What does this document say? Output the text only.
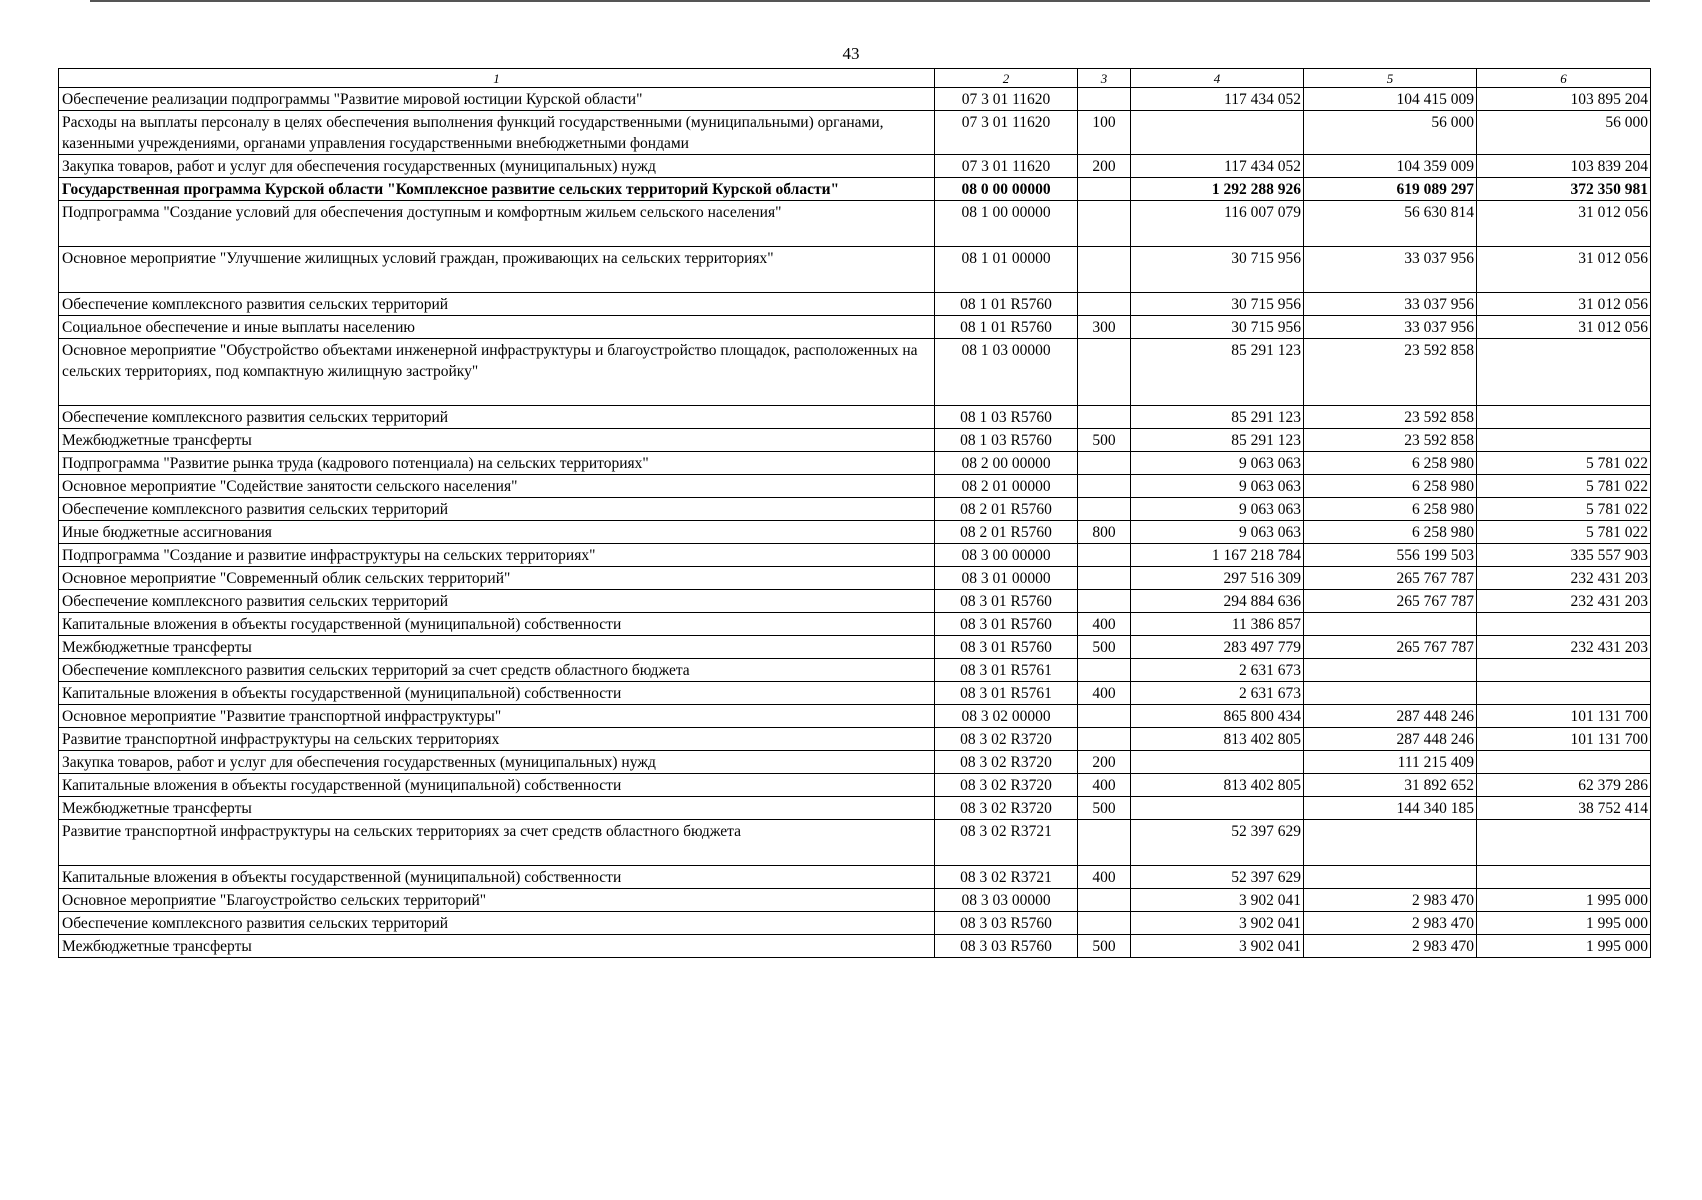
43
1	2	3	4	5	6
Обеспечение реализации подпрограммы "Развитие мировой юстиции Курской области"	07 3 01 11620		117 434 052	104 415 009	103 895 204
Расходы на выплаты персоналу в целях обеспечения выполнения функций государственными (муниципальными) органами, казенными учреждениями, органами управления государственными внебюджетными фондами	07 3 01 11620	100		56 000	56 000
Закупка товаров, работ и услуг для обеспечения государственных (муниципальных) нужд	07 3 01 11620	200	117 434 052	104 359 009	103 839 204
Государственная программа Курской области "Комплексное развитие сельских территорий Курской области"	08 0 00 00000		1 292 288 926	619 089 297	372 350 981
Подпрограмма "Создание условий для обеспечения доступным и комфортным жильем сельского населения"	08 1 00 00000		116 007 079	56 630 814	31 012 056
Основное мероприятие "Улучшение жилищных условий граждан, проживающих на сельских территориях"	08 1 01 00000		30 715 956	33 037 956	31 012 056
Обеспечение комплексного развития сельских территорий	08 1 01 R5760		30 715 956	33 037 956	31 012 056
Социальное обеспечение и иные выплаты населению	08 1 01 R5760	300	30 715 956	33 037 956	31 012 056
Основное мероприятие "Обустройство объектами инженерной инфраструктуры и благоустройство площадок, расположенных на сельских территориях, под компактную жилищную застройку"	08 1 03 00000		85 291 123	23 592 858	
Обеспечение комплексного развития сельских территорий	08 1 03 R5760		85 291 123	23 592 858	
Межбюджетные трансферты	08 1 03 R5760	500	85 291 123	23 592 858	
Подпрограмма "Развитие рынка труда (кадрового потенциала) на сельских территориях"	08 2 00 00000		9 063 063	6 258 980	5 781 022
Основное мероприятие "Содействие занятости сельского населения"	08 2 01 00000		9 063 063	6 258 980	5 781 022
Обеспечение комплексного развития сельских территорий	08 2 01 R5760		9 063 063	6 258 980	5 781 022
Иные бюджетные ассигнования	08 2 01 R5760	800	9 063 063	6 258 980	5 781 022
Подпрограмма "Создание и развитие инфраструктуры на сельских территориях"	08 3 00 00000		1 167 218 784	556 199 503	335 557 903
Основное мероприятие "Современный облик сельских территорий"	08 3 01 00000		297 516 309	265 767 787	232 431 203
Обеспечение комплексного развития сельских территорий	08 3 01 R5760		294 884 636	265 767 787	232 431 203
Капитальные вложения в объекты государственной (муниципальной) собственности	08 3 01 R5760	400	11 386 857		
Межбюджетные трансферты	08 3 01 R5760	500	283 497 779	265 767 787	232 431 203
Обеспечение комплексного развития сельских территорий за счет средств областного бюджета	08 3 01 R5761		2 631 673		
Капитальные вложения в объекты государственной (муниципальной) собственности	08 3 01 R5761	400	2 631 673		
Основное мероприятие "Развитие транспортной инфраструктуры"	08 3 02 00000		865 800 434	287 448 246	101 131 700
Развитие транспортной инфраструктуры на сельских территориях	08 3 02 R3720		813 402 805	287 448 246	101 131 700
Закупка товаров, работ и услуг для обеспечения государственных (муниципальных) нужд	08 3 02 R3720	200		111 215 409	
Капитальные вложения в объекты государственной (муниципальной) собственности	08 3 02 R3720	400	813 402 805	31 892 652	62 379 286
Межбюджетные трансферты	08 3 02 R3720	500		144 340 185	38 752 414
Развитие транспортной инфраструктуры на сельских территориях за счет средств областного бюджета	08 3 02 R3721		52 397 629		
Капитальные вложения в объекты государственной (муниципальной) собственности	08 3 02 R3721	400	52 397 629		
Основное мероприятие "Благоустройство сельских территорий"	08 3 03 00000		3 902 041	2 983 470	1 995 000
Обеспечение комплексного развития сельских территорий	08 3 03 R5760		3 902 041	2 983 470	1 995 000
Межбюджетные трансферты	08 3 03 R5760	500	3 902 041	2 983 470	1 995 000
